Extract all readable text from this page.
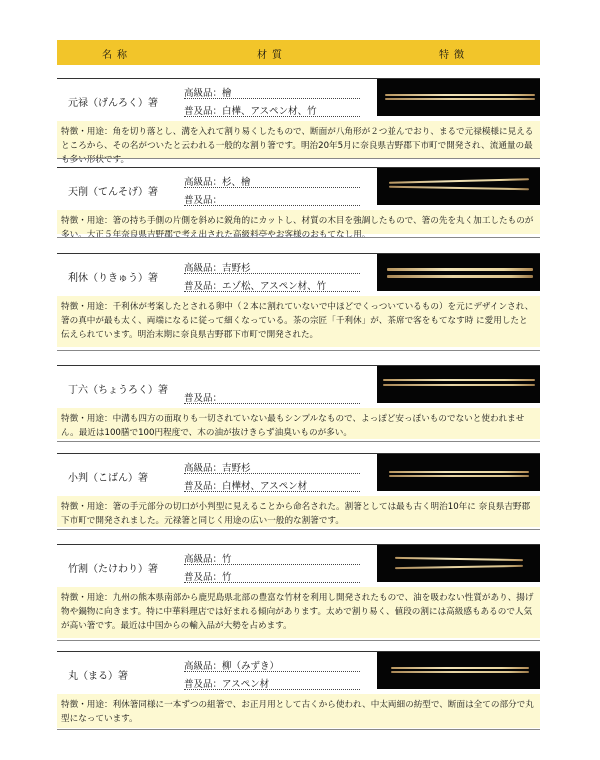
名称	材質	特徴
元禄（げんろく）箸
高級品：檜
普及品：白樺、アスペン材、竹
特徴・用途：角を切り落とし、溝を入れて割り易くしたもので、断面が八角形が２つ並んでおり、まるで元禄模様に見えるところから、その名がついたと云われる一般的な割り箸です。明治20年5月に奈良県吉野郡下市町で開発され、流通量の最も多い形状です。
天削（てんそげ）箸
高級品：杉、檜
普及品：
特徴・用途：箸の持ち手側の片側を斜めに鋭角的にカットし、材質の木目を強調したもので、箸の先を丸く加工したものが多い。大正５年奈良県吉野郡で考え出された高級料亭やお客様のおもてなし用。
利休（りきゅう）箸
高級品：吉野杉
普及品：エゾ松、アスペン材、竹
特徴・用途：千利休が考案したとされる卵中（２本に割れていないで中ほどでくっついているもの）を元にデザインされ、箸の真中が最も太く、両端になるに従って細くなっている。茶の宗匠「千利休」が、茶席で客をもてなす時 に愛用したと伝えられています。明治末期に奈良県吉野郡下市町で開発された。
丁六（ちょうろく）箸
普及品：
特徴・用途：中溝も四方の面取りも一切されていない最もシンプルなもので、よっぽど安っぽいものでないと使われません。最近は100膳で100円程度で、木の油が抜けきらず油臭いものが多い。
小判（こばん）箸
高級品：吉野杉
普及品：白樺材、アスペン材
特徴・用途：箸の手元部分の切口が小判型に見えることから命名された。割箸としては最も古く明治10年に 奈良県吉野郡下市町で開発されました。元禄箸と同じく用途の広い一般的な割箸です。
竹割（たけわり）箸
高級品：竹
普及品：竹
特徴・用途：九州の熊本県南部から鹿児島県北部の豊富な竹材を利用し開発されたもので、油を吸わない性質があり、揚げ物や鍋物に向きます。特に中華料理店では好まれる傾向があります。太めで割り易く、値段の割には高級感もあるので人気が高い箸です。最近は中国からの輸入品が大勢を占めます。
丸（まる）箸
高級品：柳（みずき）
普及品：アスペン材
特徴・用途：利休箸同様に一本ずつの組箸で、お正月用として古くから使われ、中太両細の紡型で、断面は全ての部分で丸型になっています。
